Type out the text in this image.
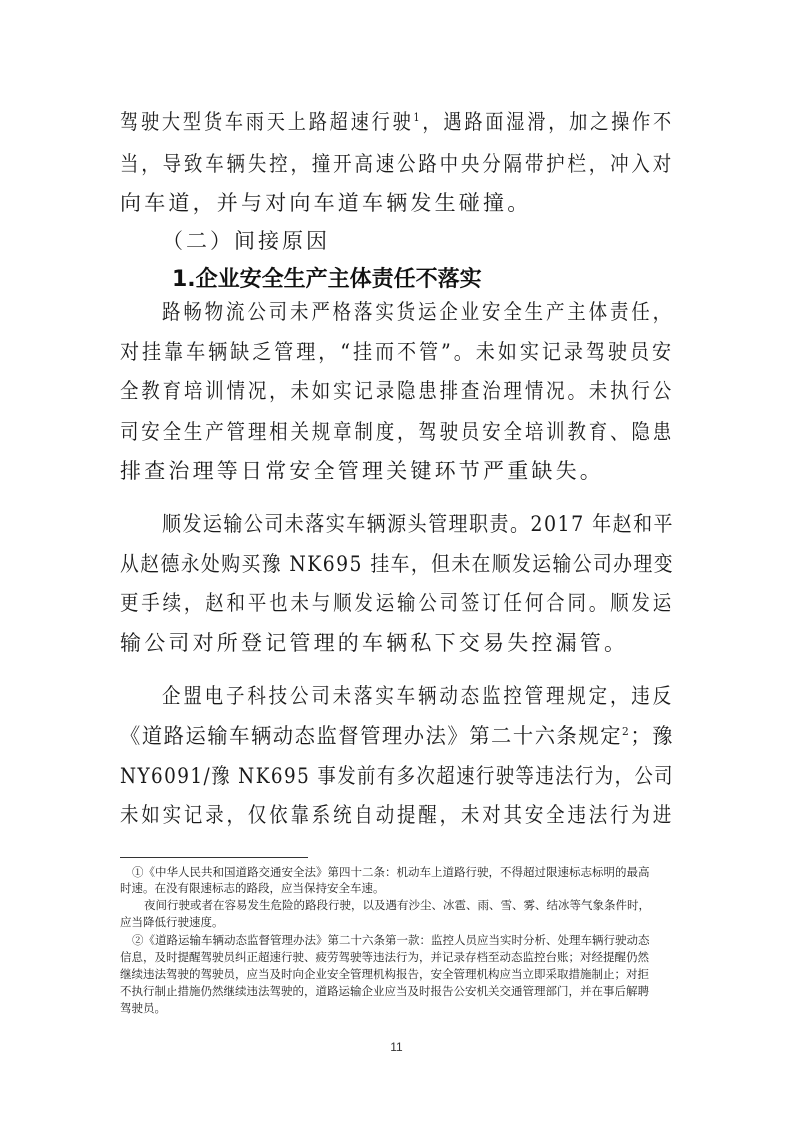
驾驶大型货车雨天上路超速行驶$^1$，遇路面湿滑，加之操作不
当，导致车辆失控，撞开高速公路中央分隔带护栏，冲入对
向车道，并与对向车道车辆发生碰撞。
（二）间接原因
1.企业安全生产主体责任不落实
路畅物流公司未严格落实货运企业安全生产主体责任，
对挂靠车辆缺乏管理，“挂而不管”。未如实记录驾驶员安
全教育培训情况，未如实记录隐患排查治理情况。未执行公
司安全生产管理相关规章制度，驾驶员安全培训教育、隐患
排查治理等日常安全管理关键环节严重缺失。
顺发运输公司未落实车辆源头管理职责。2017 年赵和平
从赵德永处购买豫 NK695 挂车，但未在顺发运输公司办理变
更手续，赵和平也未与顺发运输公司签订任何合同。顺发运
输公司对所登记管理的车辆私下交易失控漏管。
企盟电子科技公司未落实车辆动态监控管理规定，违反
《道路运输车辆动态监督管理办法》第二十六条规定$^2$；豫
NY6091/豫 NK695 事发前有多次超速行驶等违法行为，公司
未如实记录，仅依靠系统自动提醒，未对其安全违法行为进
①《中华人民共和国道路交通安全法》第四十二条：机动车上道路行驶，不得超过限速标志标明的最高
时速。在没有限速标志的路段，应当保持安全车速。
夜间行驶或者在容易发生危险的路段行驶，以及遇有沙尘、冰雹、雨、雪、雾、结冰等气象条件时，
应当降低行驶速度。
②《道路运输车辆动态监督管理办法》第二十六条第一款：监控人员应当实时分析、处理车辆行驶动态
信息，及时提醒驾驶员纠正超速行驶、疲劳驾驶等违法行为，并记录存档至动态监控台账；对经提醒仍然
继续违法驾驶的驾驶员，应当及时向企业安全管理机构报告，安全管理机构应当立即采取措施制止；对拒
不执行制止措施仍然继续违法驾驶的，道路运输企业应当及时报告公安机关交通管理部门，并在事后解聘
驾驶员。
11
